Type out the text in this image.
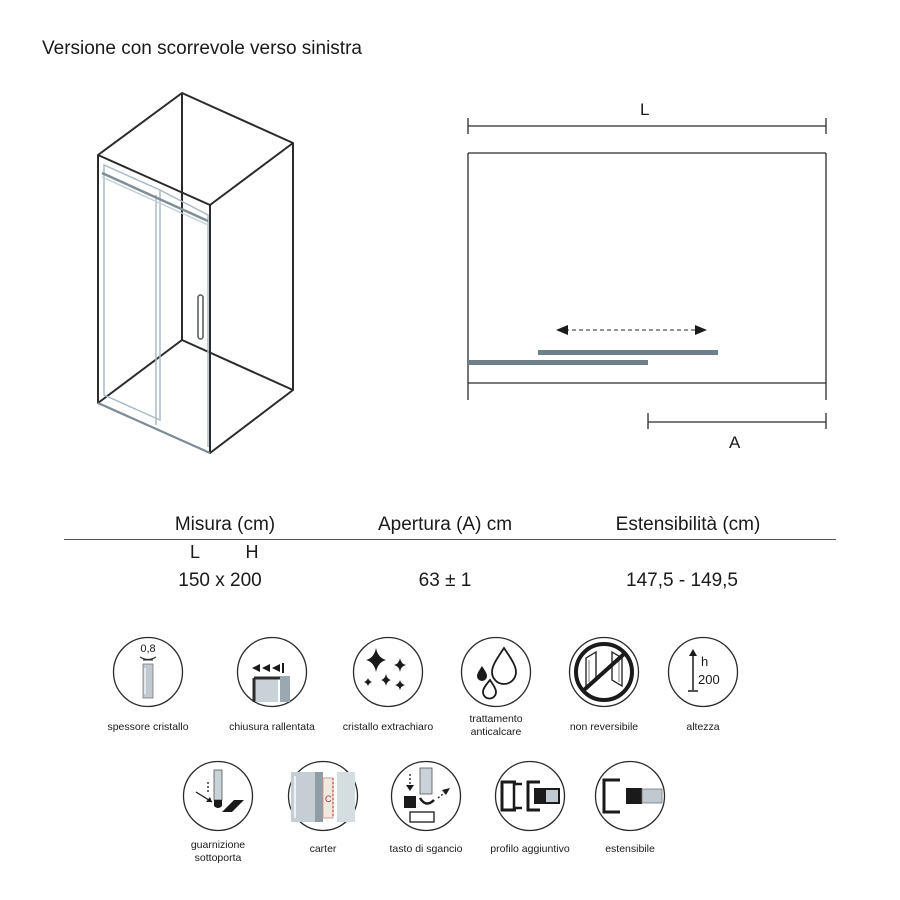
Versione con scorrevole verso sinistra
L
A
Misura (cm)	Apertura (A) cm	Estensibilità (cm)
L	H
150 x 200	63 ± 1	147,5 - 149,5
0,8
spessore cristallo	chiusura rallentata	cristallo extrachiaro
trattamento
anticalcare	non reversibile
h
200
altezza
guarnizione
sottoporta
C
carter	tasto di sgancio	profilo aggiuntivo	estensibile
